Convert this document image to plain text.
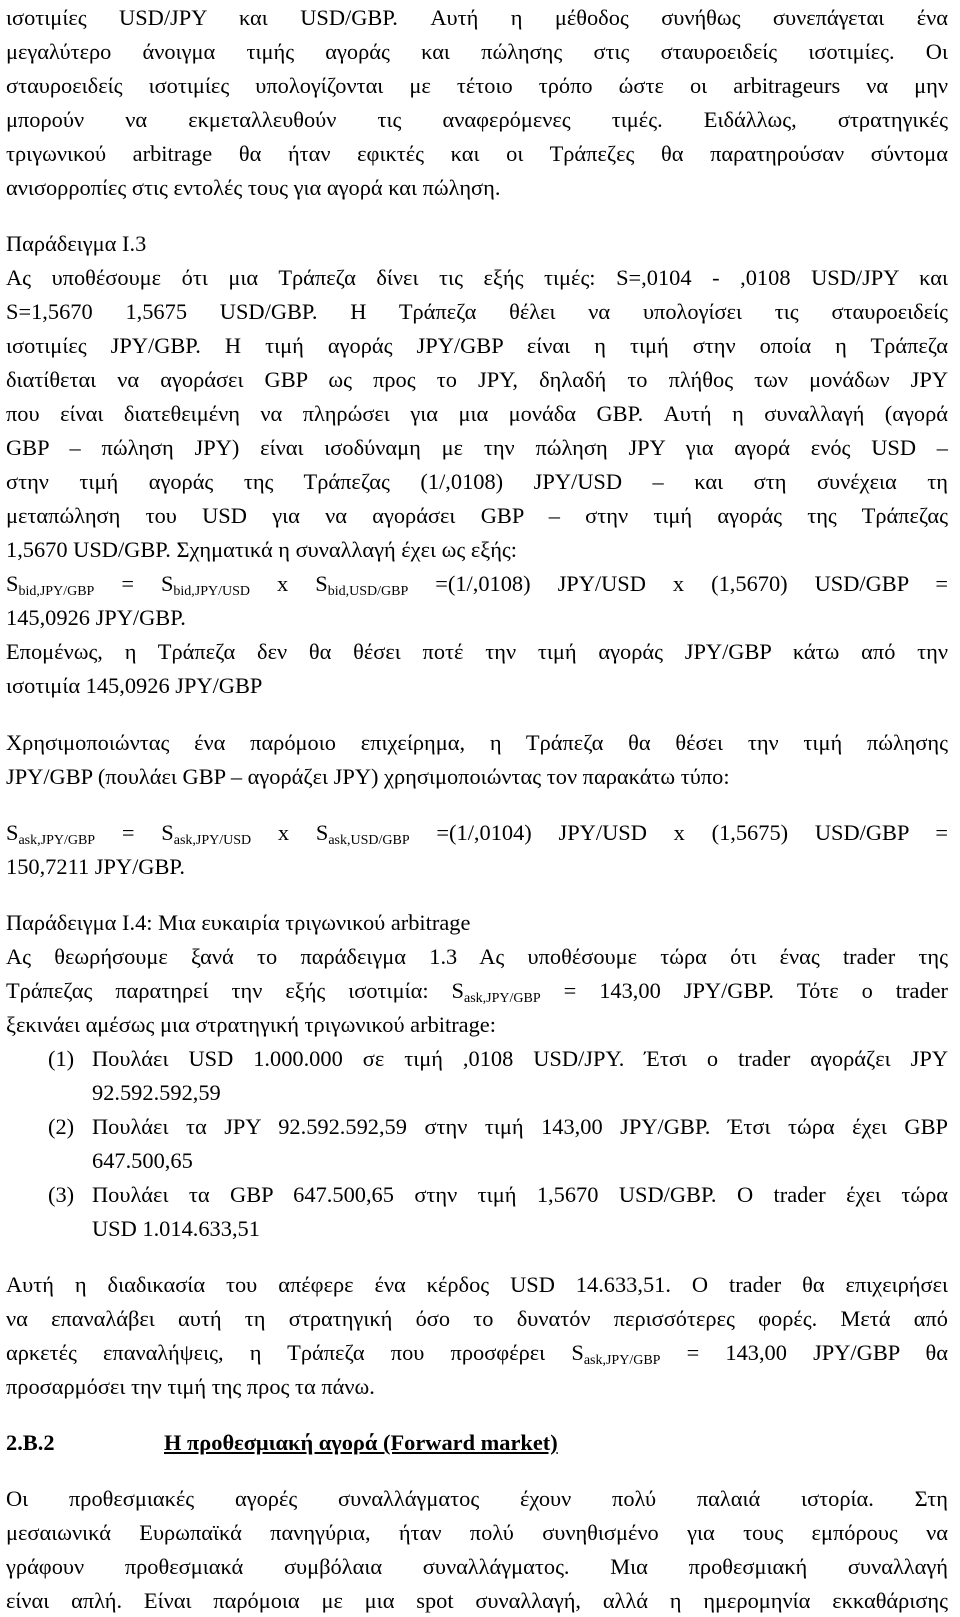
ισοτιμίες USD/JPY και USD/GBP. Αυτή η μέθοδος συνήθως συνεπάγεται ένα
μεγαλύτερο άνοιγμα τιμής αγοράς και πώλησης στις σταυροειδείς ισοτιμίες. Οι
σταυροειδείς ισοτιμίες υπολογίζονται με τέτοιο τρόπο ώστε οι arbitrageurs να μην
μπορούν να εκμεταλλευθούν τις αναφερόμενες τιμές. Ειδάλλως, στρατηγικές
τριγωνικού arbitrage θα ήταν εφικτές και οι Τράπεζες θα παρατηρούσαν σύντομα
ανισορροπίες στις εντολές τους για αγορά και πώληση.
Παράδειγμα Ι.3
Ας υποθέσουμε ότι μια Τράπεζα δίνει τις εξής τιμές: S=,0104 - ,0108 USD/JPY και
S=1,5670 1,5675 USD/GBP. Η Τράπεζα θέλει να υπολογίσει τις σταυροειδείς
ισοτιμίες JPY/GBP. Η τιμή αγοράς JPY/GBP είναι η τιμή στην οποία η Τράπεζα
διατίθεται να αγοράσει GBP ως προς το JPY, δηλαδή το πλήθος των μονάδων JPY
που είναι διατεθειμένη να πληρώσει για μια μονάδα GBP. Αυτή η συναλλαγή (αγορά
GBP – πώληση JPY) είναι ισοδύναμη με την πώληση JPY για αγορά ενός USD –
στην τιμή αγοράς της Τράπεζας (1/,0108) JPY/USD – και στη συνέχεια τη
μεταπώληση του USD για να αγοράσει GBP – στην τιμή αγοράς της Τράπεζας
1,5670 USD/GBP. Σχηματικά η συναλλαγή έχει ως εξής:
$S_{bid,JPY/GBP} = S_{bid,JPY/USD}$ x $S_{bid,USD/GBP} =(1/,0108)$ JPY/USD x (1,5670) USD/GBP =
145,0926 JPY/GBP.
Επομένως, η Τράπεζα δεν θα θέσει ποτέ την τιμή αγοράς JPY/GBP κάτω από την
ισοτιμία 145,0926 JPY/GBP
Χρησιμοποιώντας ένα παρόμοιο επιχείρημα, η Τράπεζα θα θέσει την τιμή πώλησης
JPY/GBP (πουλάει GBP – αγοράζει JPY) χρησιμοποιώντας τον παρακάτω τύπο:
$S_{ask,JPY/GBP} = S_{ask,JPY/USD}$ x $S_{ask,USD/GBP} =(1/,0104)$ JPY/USD x (1,5675) USD/GBP =
150,7211 JPY/GBP.
Παράδειγμα Ι.4: Μια ευκαιρία τριγωνικού arbitrage
Ας θεωρήσουμε ξανά το παράδειγμα 1.3 Ας υποθέσουμε τώρα ότι ένας trader της
Τράπεζας παρατηρεί την εξής ισοτιμία: $S_{ask,JPY/GBP} = 143,00$ JPY/GBP. Τότε ο trader
ξεκινάει αμέσως μια στρατηγική τριγωνικού arbitrage:
(1) Πουλάει USD 1.000.000 σε τιμή ,0108 USD/JPY. Έτσι ο trader αγοράζει JPY
92.592.592,59
(2) Πουλάει τα JPY 92.592.592,59 στην τιμή 143,00 JPY/GBP. Έτσι τώρα έχει GBP
647.500,65
(3) Πουλάει τα GBP 647.500,65 στην τιμή 1,5670 USD/GBP. Ο trader έχει τώρα
USD 1.014.633,51
Αυτή η διαδικασία του απέφερε ένα κέρδος USD 14.633,51. Ο trader θα επιχειρήσει
να επαναλάβει αυτή τη στρατηγική όσο το δυνατόν περισσότερες φορές. Μετά από
αρκετές επαναλήψεις, η Τράπεζα που προσφέρει $S_{ask,JPY/GBP} = 143,00$ JPY/GBP θα
προσαρμόσει την τιμή της προς τα πάνω.
2.B.2	Η προθεσμιακή αγορά (Forward market)
Οι προθεσμιακές αγορές συναλλάγματος έχουν πολύ παλαιά ιστορία. Στη
μεσαιωνικά Ευρωπαϊκά πανηγύρια, ήταν πολύ συνηθισμένο για τους εμπόρους να
γράφουν προθεσμιακά συμβόλαια συναλλάγματος. Μια προθεσμιακή συναλλαγή
είναι απλή. Είναι παρόμοια με μια spot συναλλαγή, αλλά η ημερομηνία εκκαθάρισης
